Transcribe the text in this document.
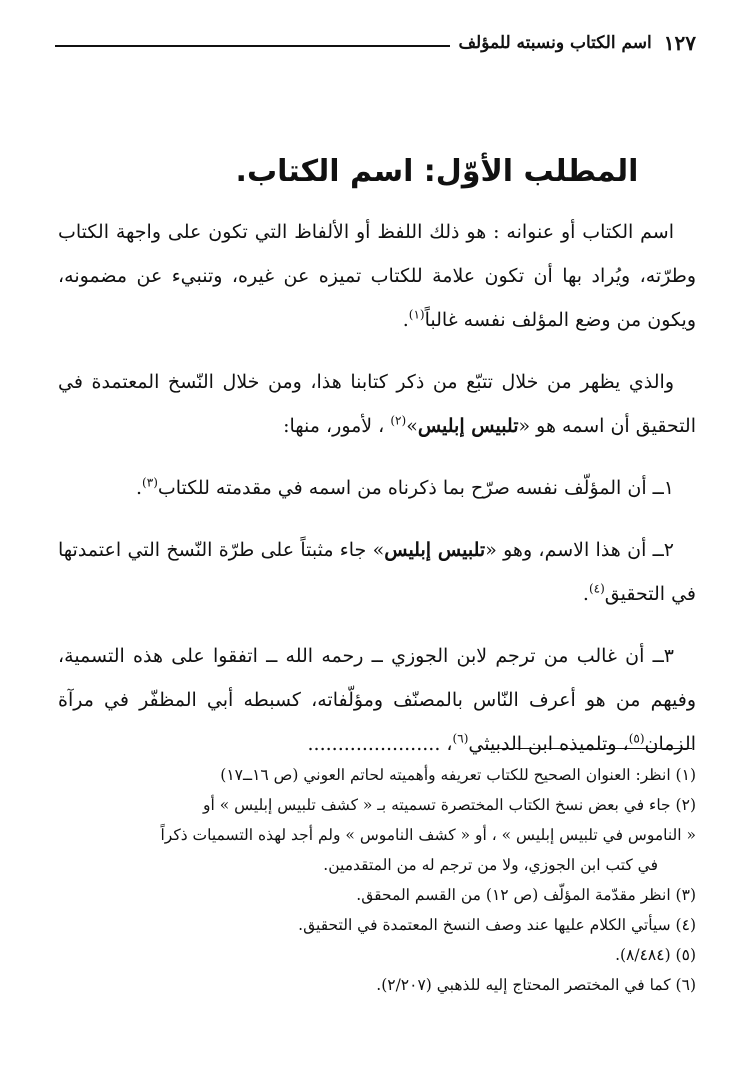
١٢٧
اسم الكتاب ونسبته للمؤلف
المطلب الأوّل: اسم الكتاب.

اسم الكتاب أو عنوانه : هو ذلك اللفظ أو الألفاظ التي تكون على واجهة الكتاب وطرّته، ويُراد بها أن تكون علامة للكتاب تميزه عن غيره، وتنبيء عن مضمونه، ويكون من وضع المؤلف نفسه غالباً$^{(١)}$.

والذي يظهر من خلال تتبّع من ذكر كتابنا هذا، ومن خلال النّسخ المعتمدة في التحقيق أن اسمه هو «تلبيس إبليس»$^{(٢)}$ ، لأمور، منها:

١ــ أن المؤلّف نفسه صرّح بما ذكرناه من اسمه في مقدمته للكتاب$^{(٣)}$.

٢ــ أن هذا الاسم، وهو «تلبيس إبليس» جاء مثبتاً على طرّة النّسخ التي اعتمدتها في التحقيق$^{(٤)}$.

٣ــ أن غالب من ترجم لابن الجوزي ــ رحمه الله ــ اتفقوا على هذه التسمية، وفيهم من هو أعرف النّاس بالمصنّف ومؤلّفاته، كسبطه أبي المظفّر في مرآة الزمان$^{(٥)}$، وتلميذه ابن الدبيثي$^{(٦)}$، ......................

(١) انظر: العنوان الصحيح للكتاب تعريفه وأهميته لحاتم العوني (ص ١٦ــ١٧)

(٢) جاء في بعض نسخ الكتاب المختصرة تسميته بـ « كشف تلبيس إبليس » أو

« الناموس في تلبيس إبليس » ، أو « كشف الناموس » ولم أجد لهذه التسميات ذكراً

في كتب ابن الجوزي، ولا من ترجم له من المتقدمين.

(٣) انظر مقدّمة المؤلّف (ص ١٢) من القسم المحقق.

(٤) سيأتي الكلام عليها عند وصف النسخ المعتمدة في التحقيق.

(٥) (٨/٤٨٤).

(٦) كما في المختصر المحتاج إليه للذهبي (٢/٢٠٧).
